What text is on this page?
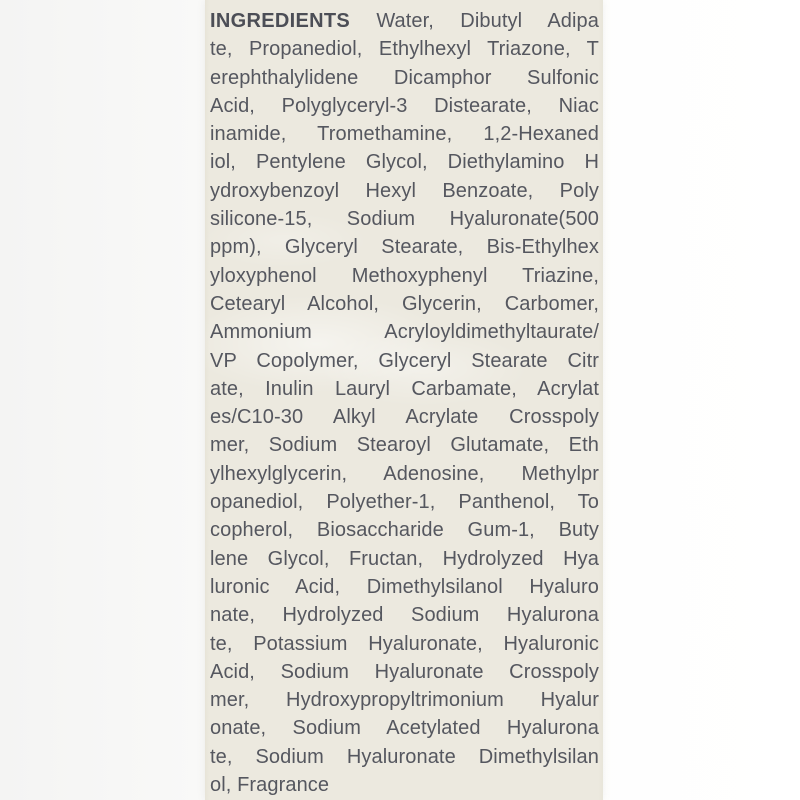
INGREDIENTS Water, Dibutyl Adipa
te, Propanediol, Ethylhexyl Triazone, T
erephthalylidene Dicamphor Sulfonic
Acid, Polyglyceryl-3 Distearate, Niac
inamide, Tromethamine, 1,2-Hexaned
iol, Pentylene Glycol, Diethylamino H
ydroxybenzoyl Hexyl Benzoate, Poly
silicone-15, Sodium Hyaluronate(500
ppm), Glyceryl Stearate, Bis-Ethylhex
yloxyphenol Methoxyphenyl Triazine,
Cetearyl Alcohol, Glycerin, Carbomer,
Ammonium Acryloyldimethyltaurate/
VP Copolymer, Glyceryl Stearate Citr
ate, Inulin Lauryl Carbamate, Acrylat
es/C10-30 Alkyl Acrylate Crosspoly
mer, Sodium Stearoyl Glutamate, Eth
ylhexylglycerin, Adenosine, Methylpr
opanediol, Polyether-1, Panthenol, To
copherol, Biosaccharide Gum-1, Buty
lene Glycol, Fructan, Hydrolyzed Hya
luronic Acid, Dimethylsilanol Hyaluro
nate, Hydrolyzed Sodium Hyalurona
te, Potassium Hyaluronate, Hyaluronic
Acid, Sodium Hyaluronate Crosspoly
mer, Hydroxypropyltrimonium Hyalur
onate, Sodium Acetylated Hyalurona
te, Sodium Hyaluronate Dimethylsilan
ol, Fragrance
